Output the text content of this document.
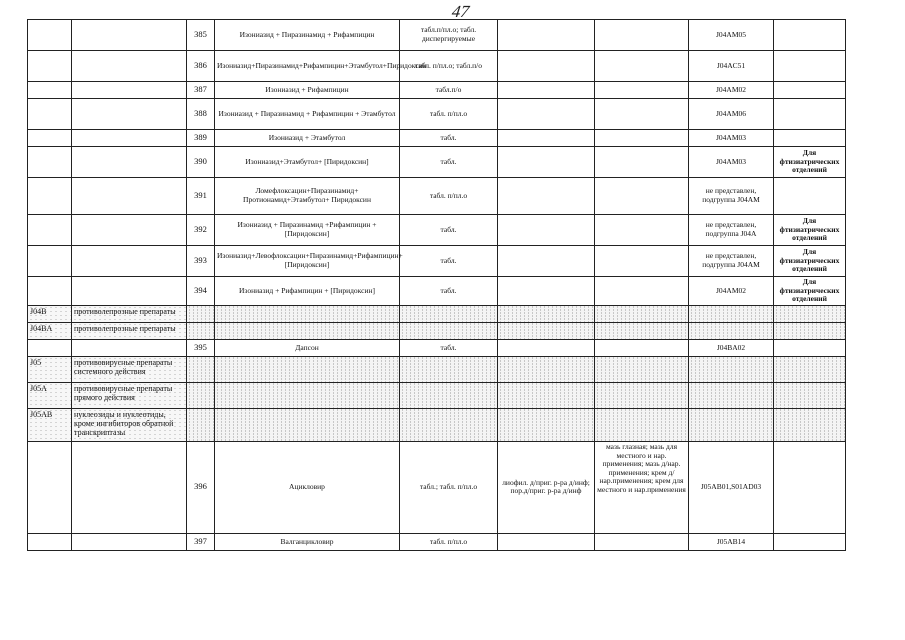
47
		385	Изониазид + Пиразинамид + Рифампицин	табл.п/пл.о; табл. диспергируемые			J04AM05	
		386	Изониазид+Пиразинамид+Рифампицин+Этамбутол+Пиридоксин	табл. п/пл.о; табл.п/о			J04AC51	
		387	Изониазид + Рифампицин	табл.п/о			J04AM02	
		388	Изониазид + Пиразинамид + Рифампицин + Этамбутол	табл. п/пл.о			J04AM06	
		389	Изониазид + Этамбутол	табл.			J04AM03	
		390	Изониазид+Этамбутол+ [Пиридоксин]	табл.			J04AM03	Для фтизиатрических отделений
		391	Ломефлоксацин+Пиразинамид+ Протионамид+Этамбутол+ Пиридоксин	табл. п/пл.о			не представлен, подгруппа J04AM	
		392	Изониазид + Пиразинамид +Рифампицин + [Пиридоксин]	табл.			не представлен, подгруппа J04A	Для фтизиатрических отделений
		393	Изониазид+Левофлоксацин+Пиразинамид+Рифампицин+ [Пиридоксин]	табл.			не представлен, подгруппа J04AM	Для фтизиатрических отделений
		394	Изониазид + Рифампицин + [Пиридоксин]	табл.			J04AM02	Для фтизиатрических отделений
J04B	противолепрозные препараты							
J04BA	противолепрозные препараты							
		395	Дапсон	табл.			J04BA02	
J05	противовирусные препараты системного действия							
J05A	противовирусные препараты прямого действия							
J05AB	нуклеозиды и нуклеотиды, кроме ингибиторов обратной транскриптазы							
		396	Ацикловир	табл.; табл. п/пл.о	лиофил. д/приг. р-ра д/инф; пор.д/приг. р-ра д/инф	мазь глазная; мазь для местного и нар. применения; мазь д/нар. применения; крем д/нар.применения; крем для местного и нар.применения	J05AB01,S01AD03	
		397	Валганцикловир	табл. п/пл.о			J05AB14	
